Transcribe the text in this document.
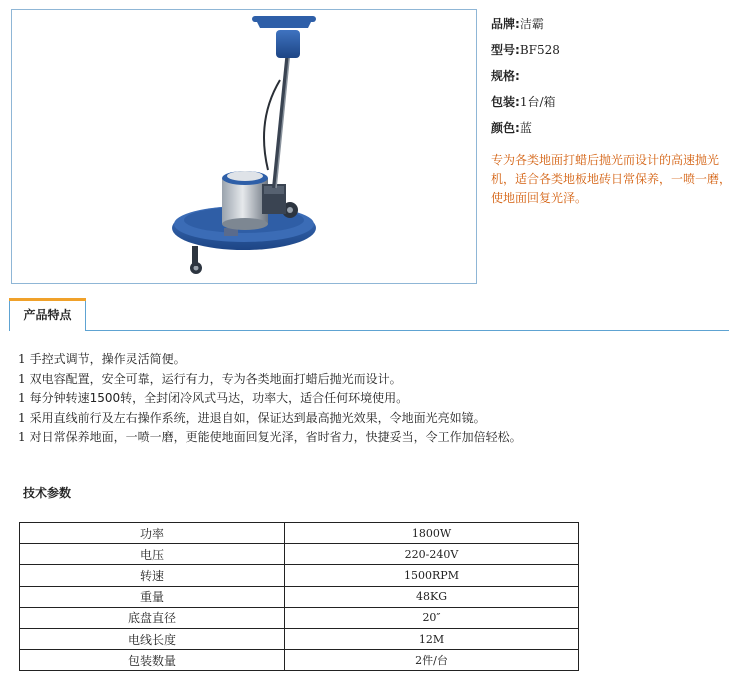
品牌:洁霸
型号:BF528
规格:
包装:1台/箱
颜色:蓝
专为各类地面打蜡后抛光而设计的高速抛光机，适合各类地板地砖日常保养，一喷一磨，使地面回复光泽。
产品特点
1 手控式调节，操作灵活简便。
1 双电容配置，安全可靠，运行有力，专为各类地面打蜡后抛光而设计。
1 每分钟转速1500转，全封闭冷风式马达，功率大，适合任何环境使用。
1 采用直线前行及左右操作系统，进退自如，保证达到最高抛光效果，令地面光亮如镜。
1 对日常保养地面，一喷一磨，更能使地面回复光泽，省时省力，快捷妥当，令工作加倍轻松。
技术参数
功率	1800W
电压	220-240V
转速	1500RPM
重量	48KG
底盘直径	20″
电线长度	12M
包装数量	2件/台
